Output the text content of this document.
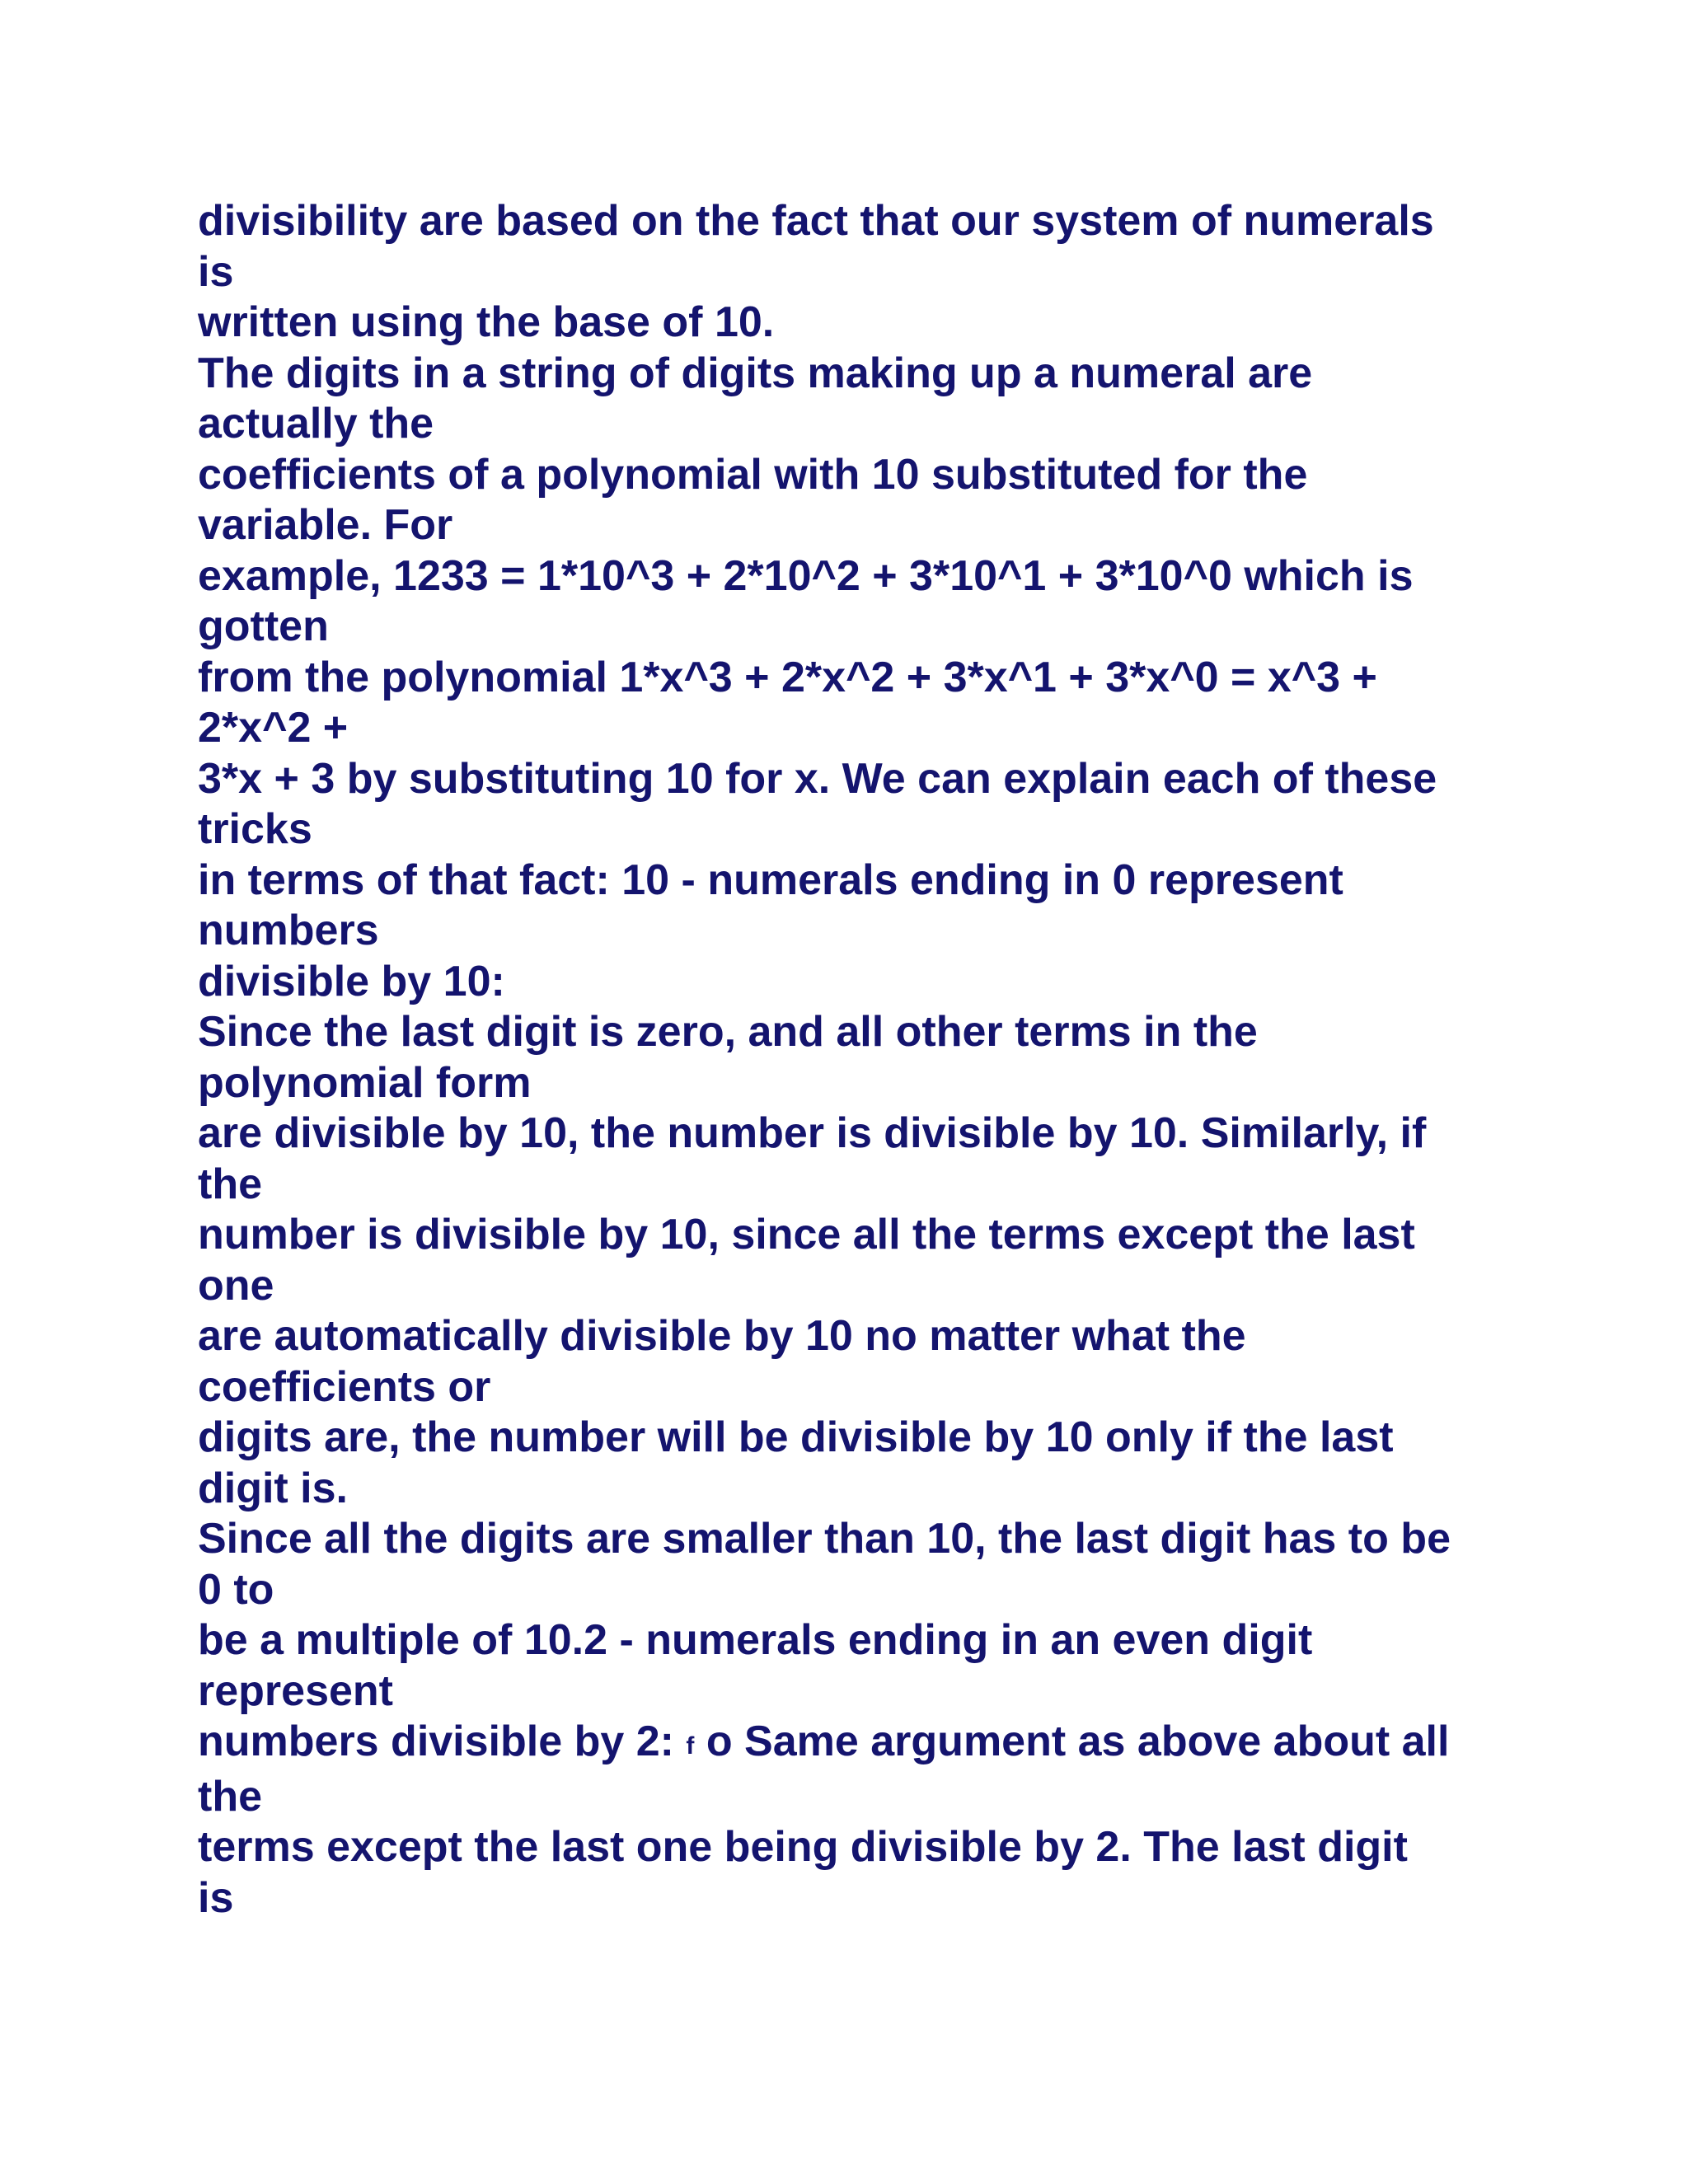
divisibility are based on the fact that our system of numerals
is
written using the base of 10.
The digits in a string of digits making up a numeral are
actually the
coefficients of a polynomial with 10 substituted for the
variable. For
example, 1233 = 1*10^3 + 2*10^2 + 3*10^1 + 3*10^0 which is
gotten
from the polynomial 1*x^3 + 2*x^2 + 3*x^1 + 3*x^0 = x^3 +
2*x^2 +
3*x + 3 by substituting 10 for x. We can explain each of these
tricks
in terms of that fact: 10 - numerals ending in 0 represent
numbers
divisible by 10:
Since the last digit is zero, and all other terms in the
polynomial form
are divisible by 10, the number is divisible by 10. Similarly, if
the
number is divisible by 10, since all the terms except the last
one
are automatically divisible by 10 no matter what the
coefficients or
digits are, the number will be divisible by 10 only if the last
digit is.
Since all the digits are smaller than 10, the last digit has to be
0 to
be a multiple of 10.2 - numerals ending in an even digit
represent
numbers divisible by 2: f o Same argument as above about all
the
terms except the last one being divisible by 2. The last digit
is
